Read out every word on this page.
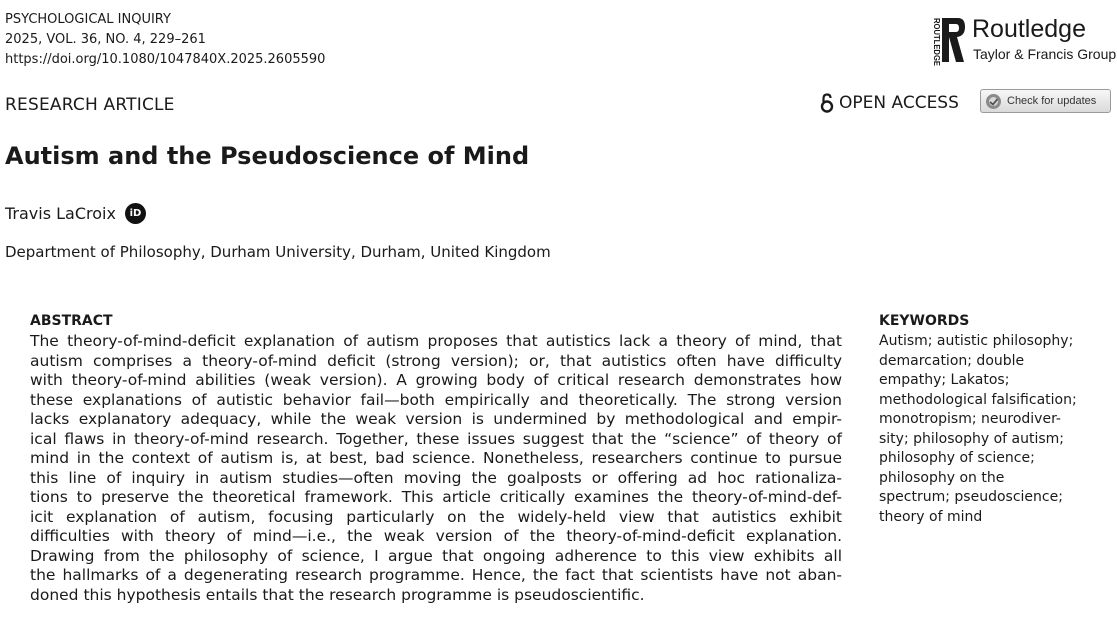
PSYCHOLOGICAL INQUIRY
2025, VOL. 36, NO. 4, 229–261
https://doi.org/10.1080/1047840X.2025.2605590	ROUTLEDGE Routledge
Taylor & Francis Group
RESEARCH ARTICLE	OPEN ACCESS	Check for updates
Autism and the Pseudoscience of Mind
Travis LaCroix	iD
Department of Philosophy, Durham University, Durham, United Kingdom
ABSTRACT
The theory-of-mind-deficit explanation of autism proposes that autistics lack a theory of mind, that
autism comprises a theory-of-mind deficit (strong version); or, that autistics often have difficulty
with theory-of-mind abilities (weak version). A growing body of critical research demonstrates how
these explanations of autistic behavior fail—both empirically and theoretically. The strong version
lacks explanatory adequacy, while the weak version is undermined by methodological and empir-
ical flaws in theory-of-mind research. Together, these issues suggest that the “science” of theory of
mind in the context of autism is, at best, bad science. Nonetheless, researchers continue to pursue
this line of inquiry in autism studies—often moving the goalposts or offering ad hoc rationaliza-
tions to preserve the theoretical framework. This article critically examines the theory-of-mind-def-
icit explanation of autism, focusing particularly on the widely-held view that autistics exhibit
difficulties with theory of mind—i.e., the weak version of the theory-of-mind-deficit explanation.
Drawing from the philosophy of science, I argue that ongoing adherence to this view exhibits all
the hallmarks of a degenerating research programme. Hence, the fact that scientists have not aban-
doned this hypothesis entails that the research programme is pseudoscientific.
KEYWORDS
Autism; autistic philosophy;
demarcation; double
empathy; Lakatos;
methodological falsification;
monotropism; neurodiver-
sity; philosophy of autism;
philosophy of science;
philosophy on the
spectrum; pseudoscience;
theory of mind
